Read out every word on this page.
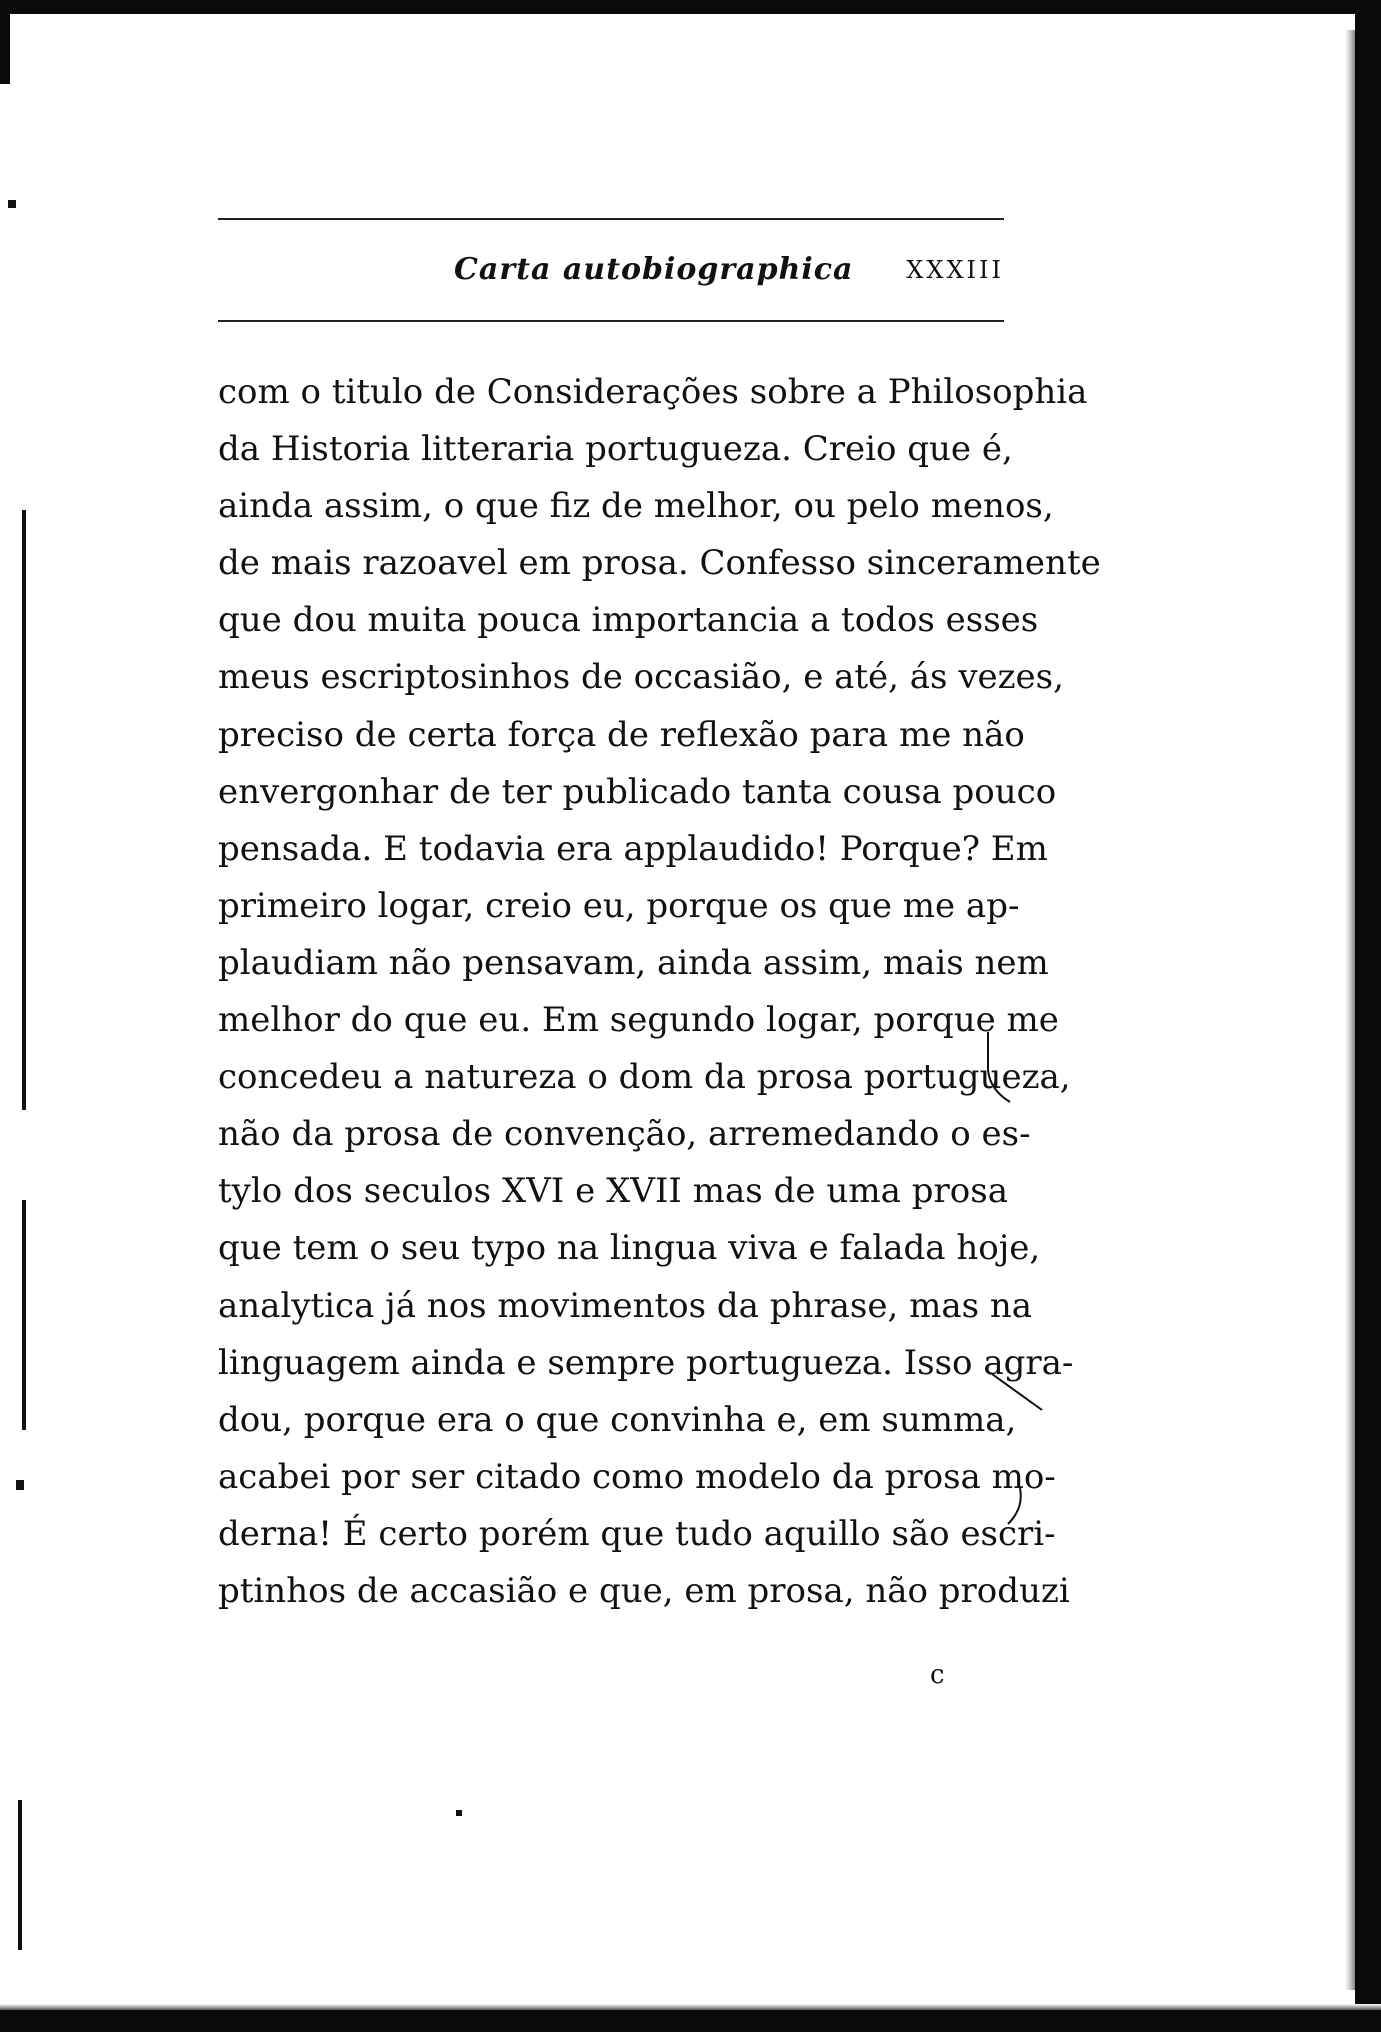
Carta autobiographica XXXIII
com o titulo de Considerações sobre a Philosophia
da Historia litteraria portugueza. Creio que é,
ainda assim, o que fiz de melhor, ou pelo menos,
de mais razoavel em prosa. Confesso sinceramente
que dou muita pouca importancia a todos esses
meus escriptosinhos de occasião, e até, ás vezes,
preciso de certa força de reflexão para me não
envergonhar de ter publicado tanta cousa pouco
pensada. E todavia era applaudido! Porque? Em
primeiro logar, creio eu, porque os que me ap-
plaudiam não pensavam, ainda assim, mais nem
melhor do que eu. Em segundo logar, porque me
concedeu a natureza o dom da prosa portugueza,
não da prosa de convenção, arremedando o es-
tylo dos seculos XVI e XVII mas de uma prosa
que tem o seu typo na lingua viva e falada hoje,
analytica já nos movimentos da phrase, mas na
linguagem ainda e sempre portugueza. Isso agra-
dou, porque era o que convinha e, em summa,
acabei por ser citado como modelo da prosa mo-
derna! É certo porém que tudo aquillo são escri-
ptinhos de accasião e que, em prosa, não produzi
c
